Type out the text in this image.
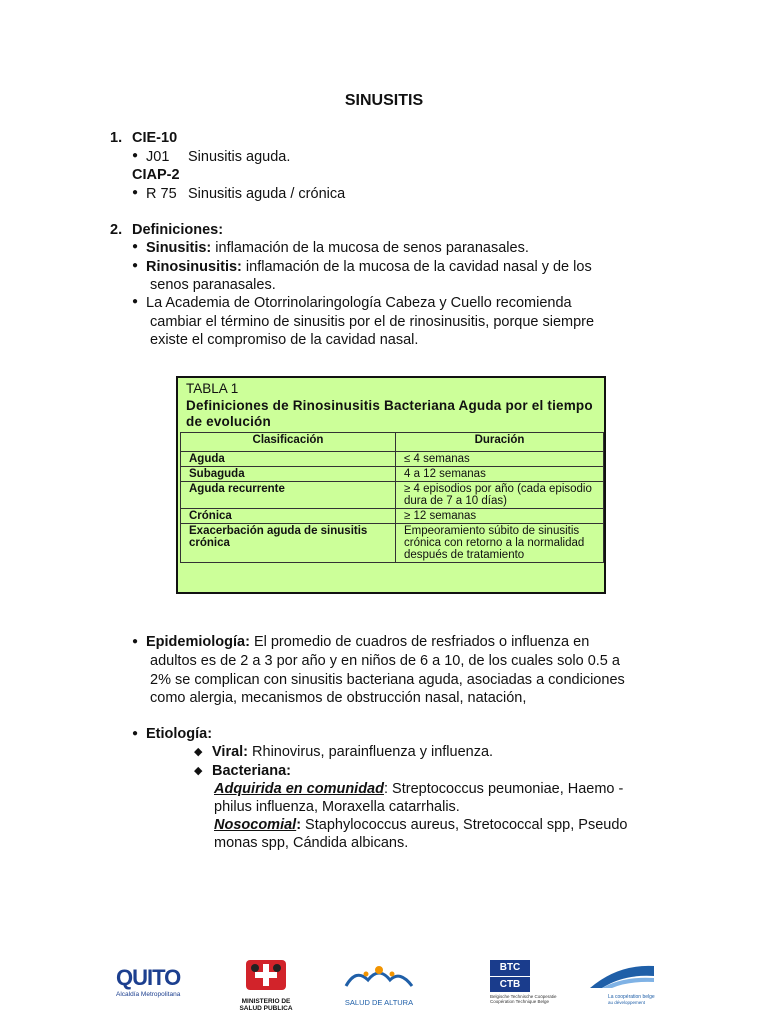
SINUSITIS
1. CIE-10
● J01 Sinusitis aguda.
CIAP-2
● R 75 Sinusitis aguda / crónica
2. Definiciones:
● Sinusitis: inflamación de la mucosa de senos paranasales.
● Rinosinusitis: inflamación de la mucosa de la cavidad nasal y de los
senos paranasales.
● La Academia de Otorrinolaringología Cabeza y Cuello recomienda
cambiar el término de sinusitis por el de rinosinusitis, porque siempre
existe el compromiso de la cavidad nasal.
TABLA 1
Definiciones de Rinosinusitis Bacteriana Aguda por el tiempo de evolución
Clasificación	Duración
Aguda	≤ 4 semanas
Subaguda	4 a 12 semanas
Aguda recurrente	≥ 4 episodios por año (cada episodio dura de 7 a 10 días)
Crónica	≥ 12 semanas
Exacerbación aguda de sinusitis crónica	Empeoramiento súbito de sinusitis crónica con retorno a la normalidad después de tratamiento
● Epidemiología: El promedio de cuadros de resfriados o influenza en
adultos es de 2 a 3 por año y en niños de 6 a 10, de los cuales solo 0.5 a
2% se complican con sinusitis bacteriana aguda, asociadas a condiciones
como alergia, mecanismos de obstrucción nasal, natación,
● Etiología:
◆ Viral: Rhinovirus, parainfluenza y influenza.
◆ Bacteriana:
Adquirida en comunidad: Streptococcus peumoniae, Haemo -
philus influenza, Moraxella catarrhalis.
Nosocomial: Staphylococcus aureus, Stretococcal spp, Pseudo
monas spp, Cándida albicans.
QUITO
Alcaldía Metropolitana
MINISTERIO DE
SALUD PUBLICA
SALUD DE ALTURA
BTC
CTB
Belgische Technische Coöperatie
Coopération Technique Belge
La coopération belge
au développement
